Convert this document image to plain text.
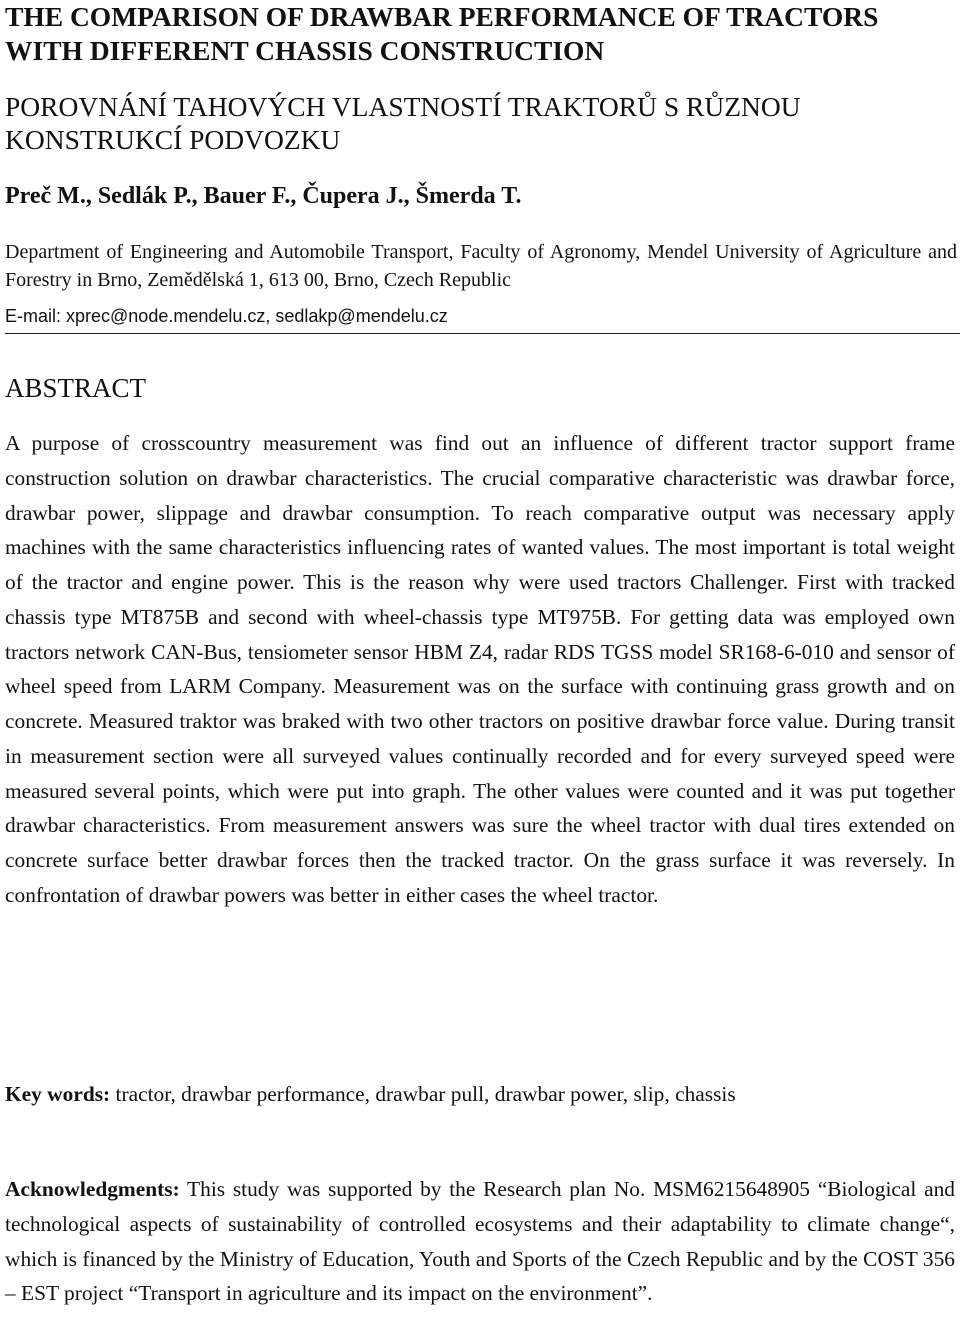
THE COMPARISON OF DRAWBAR PERFORMANCE OF TRACTORS WITH DIFFERENT CHASSIS CONSTRUCTION
POROVNÁNÍ TAHOVÝCH VLASTNOSTÍ TRAKTORŮ S RŮZNOU KONSTRUKCÍ PODVOZKU

Preč M., Sedlák P., Bauer F., Čupera J., Šmerda T.

Department of Engineering and Automobile Transport, Faculty of Agronomy, Mendel University of Agriculture and Forestry in Brno, Zemědělská 1, 613 00, Brno, Czech Republic

E-mail: xprec@node.mendelu.cz, sedlakp@mendelu.cz

ABSTRACT

A purpose of crosscountry measurement was find out an influence of different tractor support frame construction solution on drawbar characteristics. The crucial comparative characteristic was drawbar force, drawbar power, slippage and drawbar consumption. To reach comparative output was necessary apply machines with the same characteristics influencing rates of wanted values. The most important is total weight of the tractor and engine power. This is the reason why were used tractors Challenger. First with tracked chassis type MT875B and second with wheel-chassis type MT975B. For getting data was employed own tractors network CAN-Bus, tensiometer sensor HBM Z4, radar RDS TGSS model SR168-6-010 and sensor of wheel speed from LARM Company. Measurement was on the surface with continuing grass growth and on concrete. Measured traktor was braked with two other tractors on positive drawbar force value. During transit in measurement section were all surveyed values continually recorded and for every surveyed speed were measured several points, which were put into graph. The other values were counted and it was put together drawbar characteristics. From measurement answers was sure the wheel tractor with dual tires extended on concrete surface better drawbar forces then the tracked tractor. On the grass surface it was reversely. In confrontation of drawbar powers was better in either cases the wheel tractor.

Key words: tractor, drawbar performance, drawbar pull, drawbar power, slip, chassis

Acknowledgments: This study was supported by the Research plan No. MSM6215648905 “Biological and technological aspects of sustainability of controlled ecosystems and their adaptability to climate change“, which is financed by the Ministry of Education, Youth and Sports of the Czech Republic and by the COST 356 – EST project “Transport in agriculture and its impact on the environment”.
